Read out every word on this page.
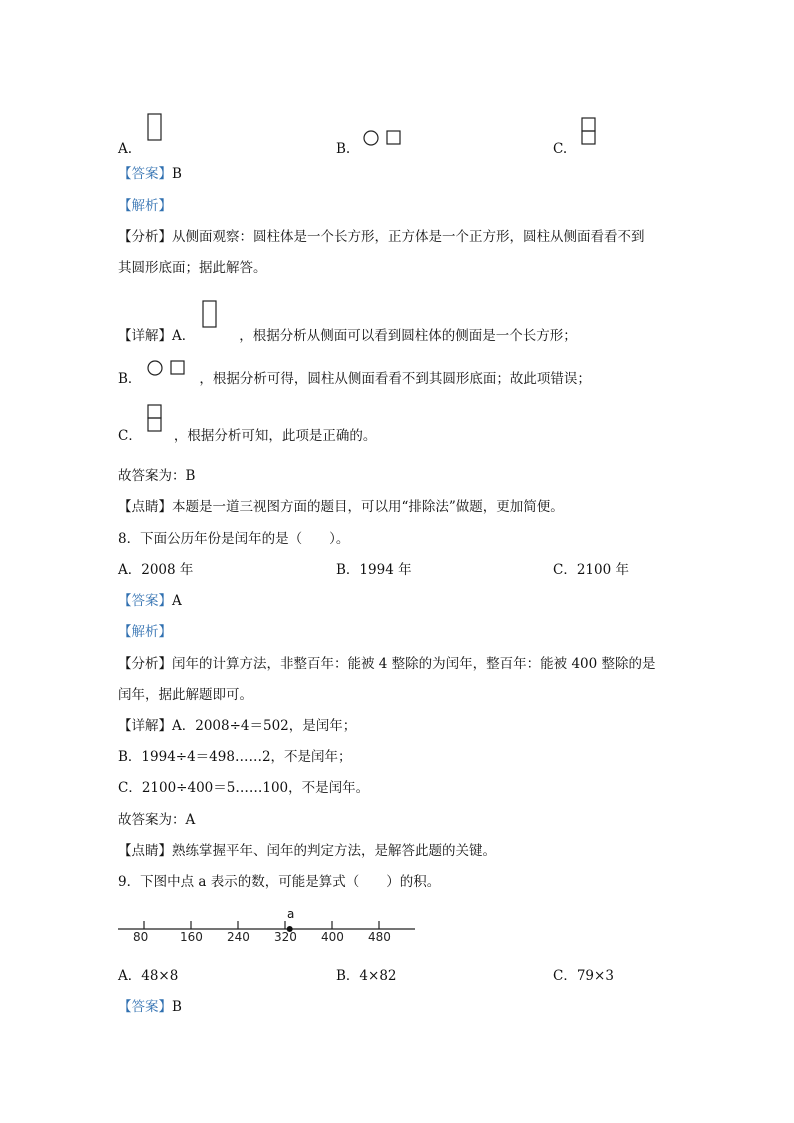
A.	B.	C.
【答案】B
【解析】
【分析】从侧面观察：圆柱体是一个长方形，正方体是一个正方形，圆柱从侧面看看不到
其圆形底面；据此解答。
【详解】A．	，根据分析从侧面可以看到圆柱体的侧面是一个长方形；
B．	，根据分析可得，圆柱从侧面看看不到其圆形底面；故此项错误；
C． ，根据分析可知，此项是正确的。
故答案为：B
【点睛】本题是一道三视图方面的题目，可以用“排除法”做题，更加简便。
8．下面公历年份是闰年的是（　　）。
A．2008 年	B．1994 年	C．2100 年
【答案】A
【解析】
【分析】闰年的计算方法，非整百年：能被 4 整除的为闰年，整百年：能被 400 整除的是
闰年，据此解题即可。
【详解】A．2008÷4＝502，是闰年；
B．1994÷4＝498……2，不是闰年；
C．2100÷400＝5……100，不是闰年。
故答案为：A
【点睛】熟练掌握平年、闰年的判定方法，是解答此题的关键。
9．下图中点 a 表示的数，可能是算式（　　）的积。
a
80	160 240 320 400 480
A．48×8	B．4×82	C．79×3
【答案】B
